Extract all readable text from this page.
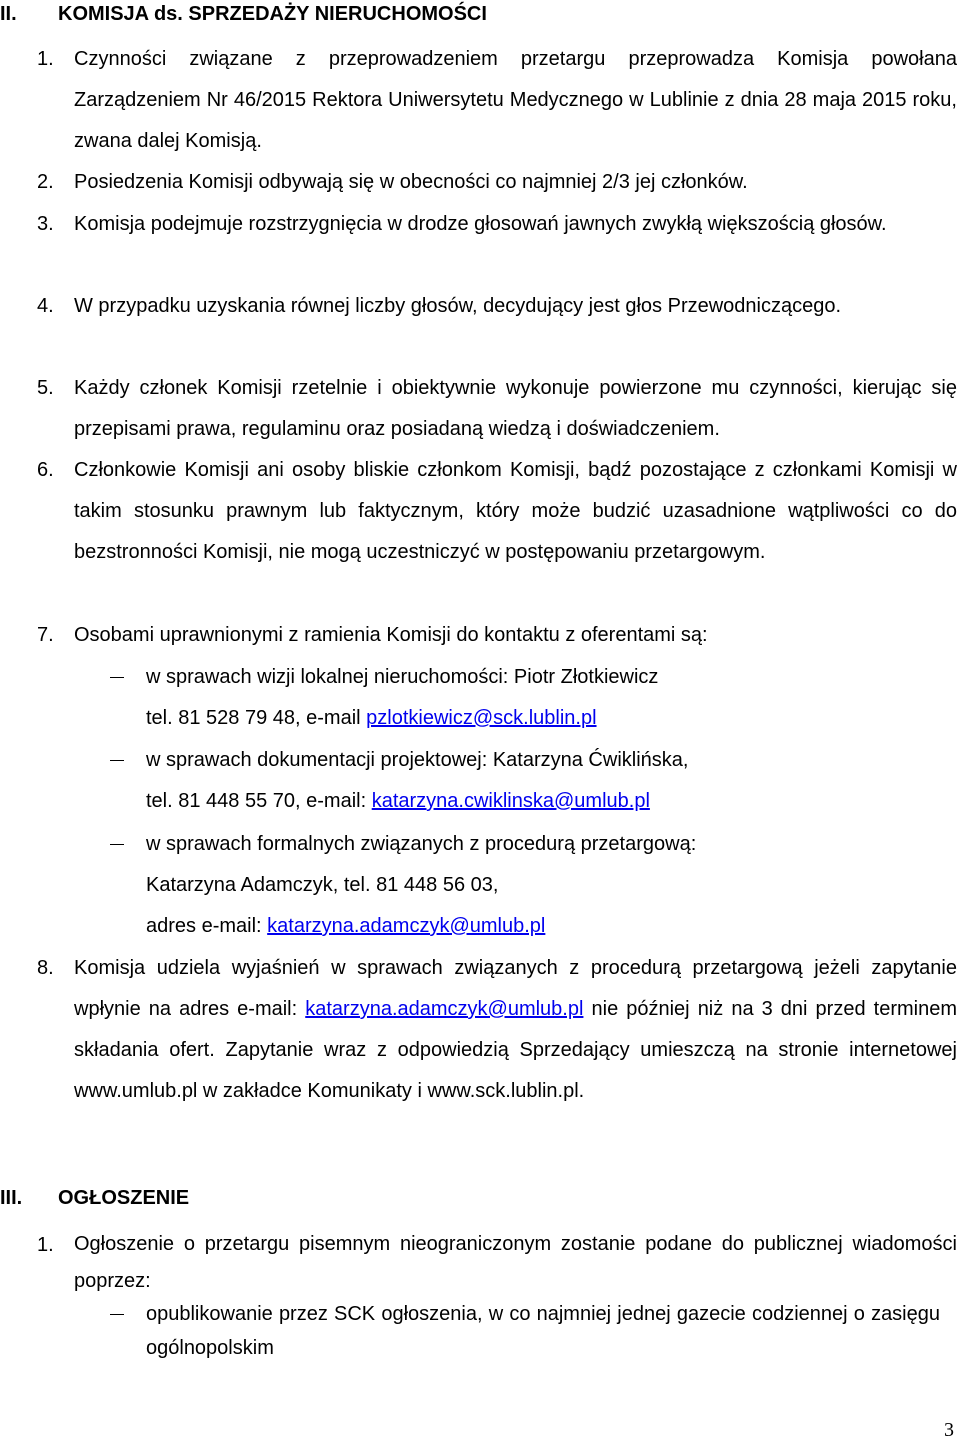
II. KOMISJA ds. SPRZEDAŻY NIERUCHOMOŚCI
1. Czynności związane z przeprowadzeniem przetargu przeprowadza Komisja powołana Zarządzeniem Nr 46/2015 Rektora Uniwersytetu Medycznego w Lublinie z dnia 28 maja 2015 roku, zwana dalej Komisją.
2. Posiedzenia Komisji odbywają się w obecności co najmniej 2/3 jej członków.
3. Komisja podejmuje rozstrzygnięcia w drodze głosowań jawnych zwykłą większością głosów.
4. W przypadku uzyskania równej liczby głosów, decydujący jest głos Przewodniczącego.
5. Każdy członek Komisji rzetelnie i obiektywnie wykonuje powierzone mu czynności, kierując się przepisami prawa, regulaminu oraz posiadaną wiedzą i doświadczeniem.
6. Członkowie Komisji ani osoby bliskie członkom Komisji, bądź pozostające z członkami Komisji w takim stosunku prawnym lub faktycznym, który może budzić uzasadnione wątpliwości co do bezstronności Komisji, nie mogą uczestniczyć w postępowaniu przetargowym.
7. Osobami uprawnionymi z ramienia Komisji do kontaktu z oferentami są:
w sprawach wizji lokalnej nieruchomości: Piotr Złotkiewicz
tel. 81 528 79 48, e-mail pzlotkiewicz@sck.lublin.pl
w sprawach dokumentacji projektowej: Katarzyna Ćwiklińska,
tel. 81 448 55 70, e-mail: katarzyna.cwiklinska@umlub.pl
w sprawach formalnych związanych z procedurą przetargową:
Katarzyna Adamczyk, tel. 81 448 56 03,
adres e-mail: katarzyna.adamczyk@umlub.pl
8. Komisja udziela wyjaśnień w sprawach związanych z procedurą przetargową jeżeli zapytanie wpłynie na adres e-mail: katarzyna.adamczyk@umlub.pl nie później niż na 3 dni przed terminem składania ofert. Zapytanie wraz z odpowiedzią Sprzedający umieszczą na stronie internetowej www.umlub.pl w zakładce Komunikaty i www.sck.lublin.pl.
III. OGŁOSZENIE
1. Ogłoszenie o przetargu pisemnym nieograniczonym zostanie podane do publicznej wiadomości poprzez:
opublikowanie przez SCK ogłoszenia, w co najmniej jednej gazecie codziennej o zasięgu ogólnopolskim
3
